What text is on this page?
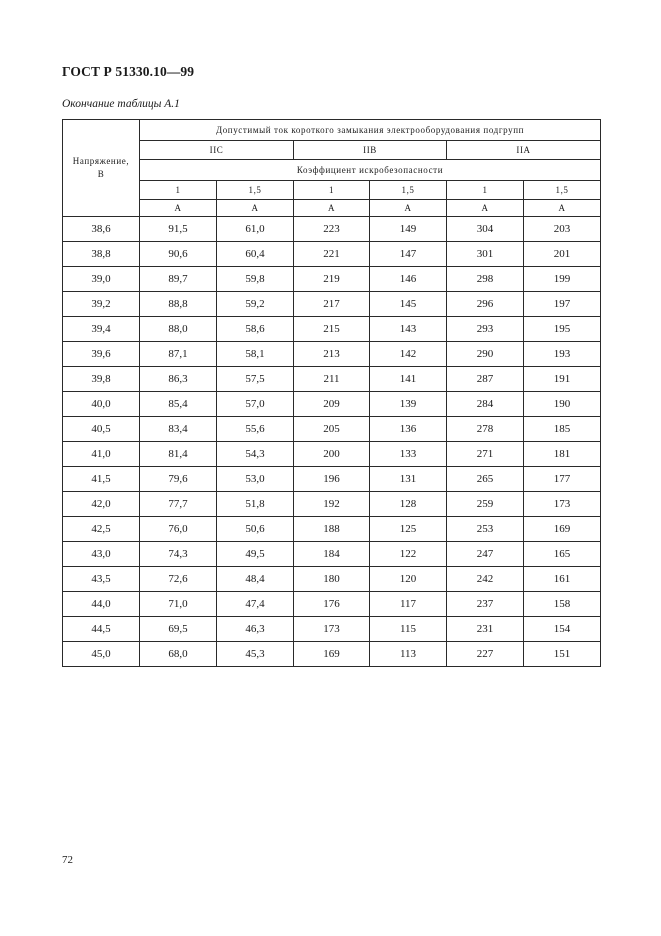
ГОСТ Р 51330.10—99
Окончание таблицы А.1
Напряжение,
В	Допустимый ток короткого замыкания электрооборудования подгрупп					
	IIC		IIB		IIA	
	Коэффициент искробезопасности					
	1	1,5	1	1,5	1	1,5
	А	А	А	А	А	А
38,6	91,5	61,0	223	149	304	203
38,8	90,6	60,4	221	147	301	201
39,0	89,7	59,8	219	146	298	199
39,2	88,8	59,2	217	145	296	197
39,4	88,0	58,6	215	143	293	195
39,6	87,1	58,1	213	142	290	193
39,8	86,3	57,5	211	141	287	191
40,0	85,4	57,0	209	139	284	190
40,5	83,4	55,6	205	136	278	185
41,0	81,4	54,3	200	133	271	181
41,5	79,6	53,0	196	131	265	177
42,0	77,7	51,8	192	128	259	173
42,5	76,0	50,6	188	125	253	169
43,0	74,3	49,5	184	122	247	165
43,5	72,6	48,4	180	120	242	161
44,0	71,0	47,4	176	117	237	158
44,5	69,5	46,3	173	115	231	154
45,0	68,0	45,3	169	113	227	151
72
